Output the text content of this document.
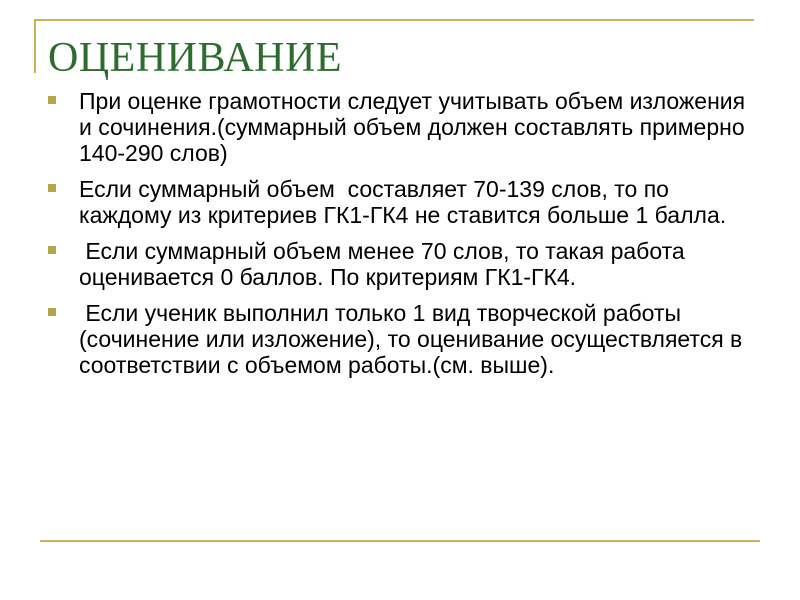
ОЦЕНИВАНИЕ
При оценке грамотности следует учитывать объем изложения и сочинения.(суммарный объем должен составлять примерно 140-290 слов)
Если суммарный объем  составляет 70-139 слов, то по каждому из критериев ГК1-ГК4 не ставится больше 1 балла.
Если суммарный объем менее 70 слов, то такая работа оценивается 0 баллов. По критериям ГК1-ГК4.
Если ученик выполнил только 1 вид творческой работы (сочинение или изложение), то оценивание осуществляется в соответствии с объемом работы.(см. выше).
